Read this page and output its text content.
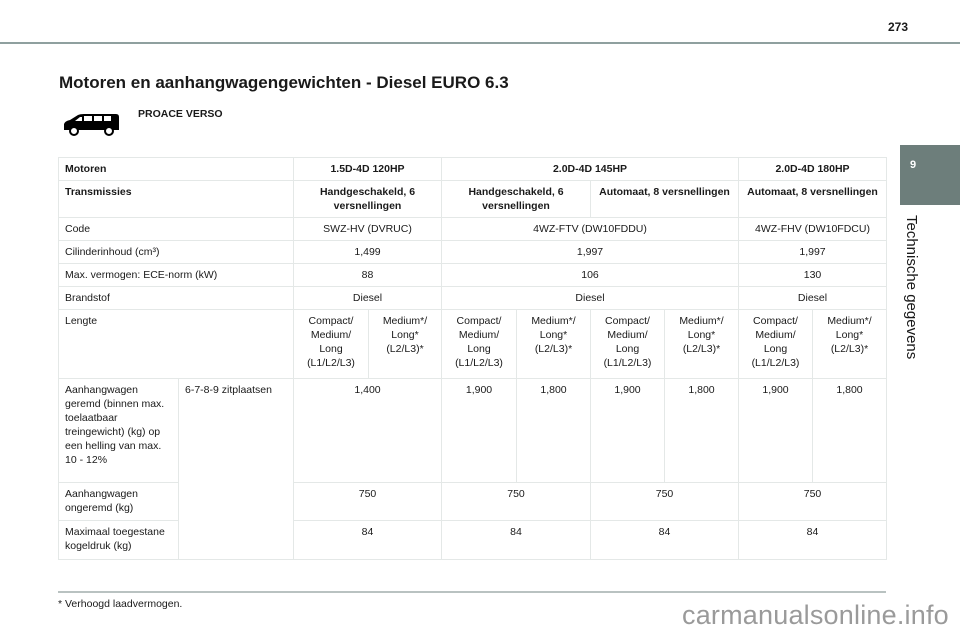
273
Motoren en aanhangwagengewichten - Diesel EURO 6.3
PROACE VERSO
9
Technische gegevens
Motoren		1.5D-4D 120HP		2.0D-4D 145HP				2.0D-4D 180HP	
Transmissies		Handgeschakeld, 6 versnellingen		Handgeschakeld, 6 versnellingen		Automaat, 8 versnellingen		Automaat, 8 versnellingen	
Code		SWZ-HV (DVRUC)		4WZ-FTV (DW10FDDU)				4WZ-FHV (DW10FDCU)	
Cilinderinhoud (cm³)		1,499		1,997				1,997	
Max. vermogen: ECE-norm (kW)		88		106				130	
Brandstof		Diesel		Diesel				Diesel	
Lengte		Compact/ Medium/ Long (L1/L2/L3)	Medium*/ Long* (L2/L3)*	Compact/ Medium/ Long (L1/L2/L3)	Medium*/ Long* (L2/L3)*	Compact/ Medium/ Long (L1/L2/L3)	Medium*/ Long* (L2/L3)*	Compact/ Medium/ Long (L1/L2/L3)	Medium*/ Long* (L2/L3)*
Aanhangwagen geremd (binnen max. toelaatbaar treingewicht) (kg) op een helling van max. 10 - 12%	6-7-8-9 zitplaatsen	1,400		1,900	1,800	1,900	1,800	1,900	1,800
Aanhangwagen ongeremd (kg)		750		750		750		750	
Maximaal toegestane kogeldruk (kg)		84		84		84		84	
* Verhoogd laadvermogen.	carmanualsonline.info
